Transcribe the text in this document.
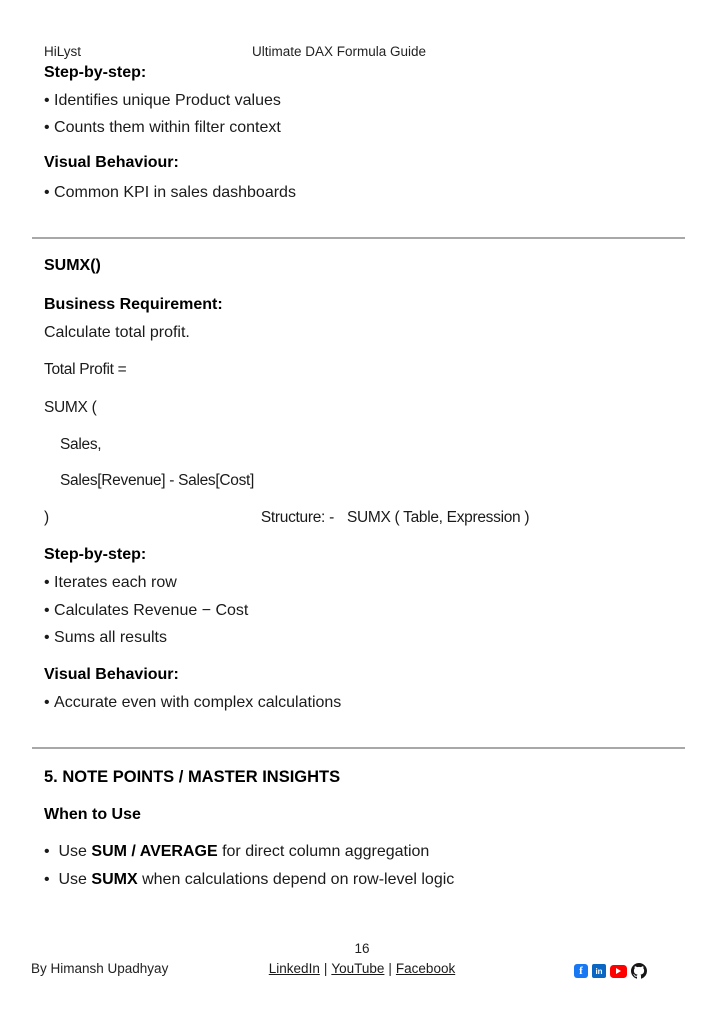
HiLyst	Ultimate DAX Formula Guide
Step-by-step:
• Identifies unique Product values
• Counts them within filter context
Visual Behaviour:
• Common KPI in sales dashboards
SUMX()
Business Requirement:
Calculate total profit.
Total Profit =
SUMX (
Sales,
Sales[Revenue] - Sales[Cost]
)	Structure: - SUMX ( Table, Expression )
Step-by-step:
• Iterates each row
• Calculates Revenue − Cost
• Sums all results
Visual Behaviour:
• Accurate even with complex calculations
5. NOTE POINTS / MASTER INSIGHTS
When to Use
• Use SUM / AVERAGE for direct column aggregation
• Use SUMX when calculations depend on row-level logic
16
LinkedIn | YouTube | Facebook
By Himansh Upadhyay	f	in
